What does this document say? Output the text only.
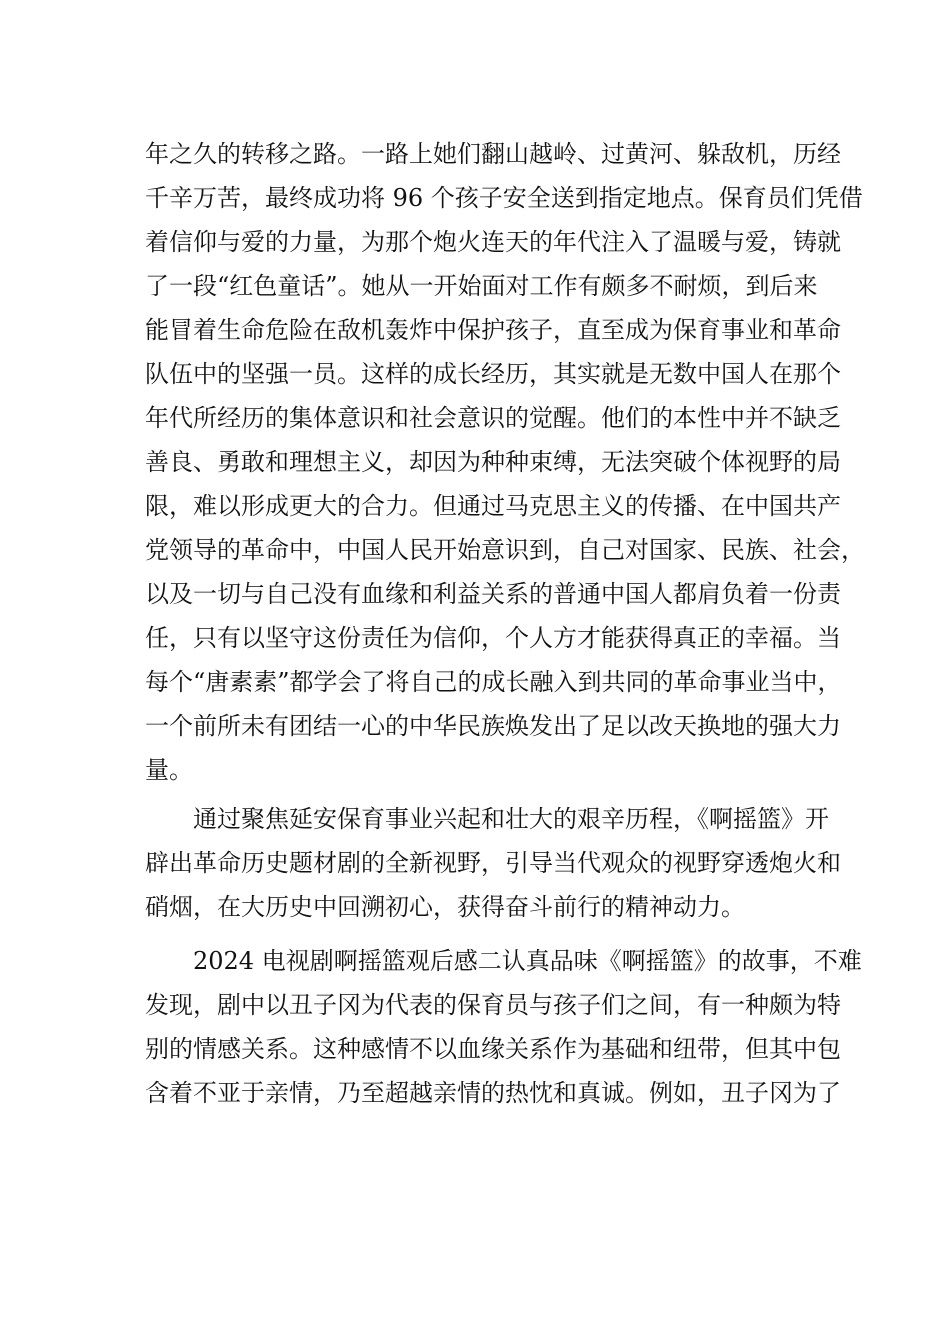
年之久的转移之路。一路上她们翻山越岭、过黄河、躲敌机，历经
千辛万苦，最终成功将 96 个孩子安全送到指定地点。保育员们凭借
着信仰与爱的力量，为那个炮火连天的年代注入了温暖与爱，铸就
了一段“红色童话”。她从一开始面对工作有颇多不耐烦，到后来
能冒着生命危险在敌机轰炸中保护孩子，直至成为保育事业和革命
队伍中的坚强一员。这样的成长经历，其实就是无数中国人在那个
年代所经历的集体意识和社会意识的觉醒。他们的本性中并不缺乏
善良、勇敢和理想主义，却因为种种束缚，无法突破个体视野的局
限，难以形成更大的合力。但通过马克思主义的传播、在中国共产
党领导的革命中，中国人民开始意识到，自己对国家、民族、社会，
以及一切与自己没有血缘和利益关系的普通中国人都肩负着一份责
任，只有以坚守这份责任为信仰，个人方才能获得真正的幸福。当
每个“唐素素”都学会了将自己的成长融入到共同的革命事业当中，
一个前所未有团结一心的中华民族焕发出了足以改天换地的强大力
量。
　　通过聚焦延安保育事业兴起和壮大的艰辛历程，《啊摇篮》开
辟出革命历史题材剧的全新视野，引导当代观众的视野穿透炮火和
硝烟，在大历史中回溯初心，获得奋斗前行的精神动力。
　　2024 电视剧啊摇篮观后感二认真品味《啊摇篮》的故事，不难
发现，剧中以丑子冈为代表的保育员与孩子们之间，有一种颇为特
别的情感关系。这种感情不以血缘关系作为基础和纽带，但其中包
含着不亚于亲情，乃至超越亲情的热忱和真诚。例如，丑子冈为了
